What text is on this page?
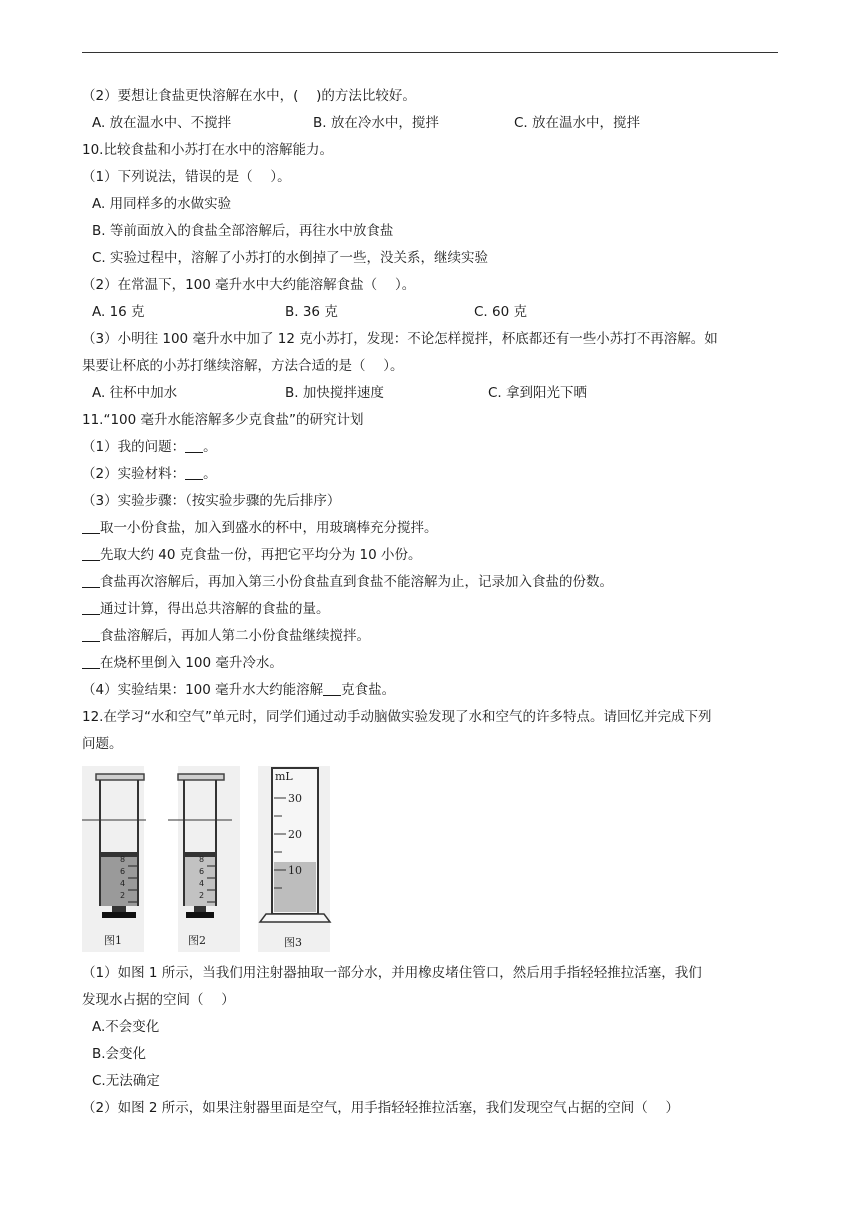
（2）要想让食盐更快溶解在水中，(　 )的方法比较好。
A. 放在温水中、不搅拌	B. 放在冷水中，搅拌	C. 放在温水中，搅拌
10.比较食盐和小苏打在水中的溶解能力。
（1）下列说法，错误的是（　 ）。
A. 用同样多的水做实验
B. 等前面放入的食盐全部溶解后，再往水中放食盐
C. 实验过程中，溶解了小苏打的水倒掉了一些，没关系，继续实验
（2）在常温下，100 毫升水中大约能溶解食盐（　 ）。
A. 16 克	B. 36 克	C. 60 克
（3）小明往 100 毫升水中加了 12 克小苏打，发现：不论怎样搅拌，杯底都还有一些小苏打不再溶解。如
果要让杯底的小苏打继续溶解，方法合适的是（　 ）。
A. 往杯中加水	B. 加快搅拌速度	C. 拿到阳光下晒
11.“100 毫升水能溶解多少克食盐”的研究计划
（1）我的问题： 。
（2）实验材料： 。
（3）实验步骤：（按实验步骤的先后排序）
取一小份食盐，加入到盛水的杯中，用玻璃棒充分搅拌。
先取大约 40 克食盐一份，再把它平均分为 10 小份。
食盐再次溶解后，再加入第三小份食盐直到食盐不能溶解为止，记录加入食盐的份数。
通过计算，得出总共溶解的食盐的量。
食盐溶解后，再加人第二小份食盐继续搅拌。
在烧杯里倒入 100 毫升冷水。
（4）实验结果：100 毫升水大约能溶解 克食盐。
12.在学习“水和空气”单元时，同学们通过动手动脑做实验发现了水和空气的许多特点。请回忆并完成下列
问题。
8
6
4
2
图1
8
6
4
2
图2
mL
30
20
10
图3
（1）如图 1 所示，当我们用注射器抽取一部分水，并用橡皮堵住管口，然后用手指轻轻推拉活塞，我们
发现水占据的空间（　 ）
A.不会变化
B.会变化
C.无法确定
（2）如图 2 所示，如果注射器里面是空气，用手指轻轻推拉活塞，我们发现空气占据的空间（　 ）
